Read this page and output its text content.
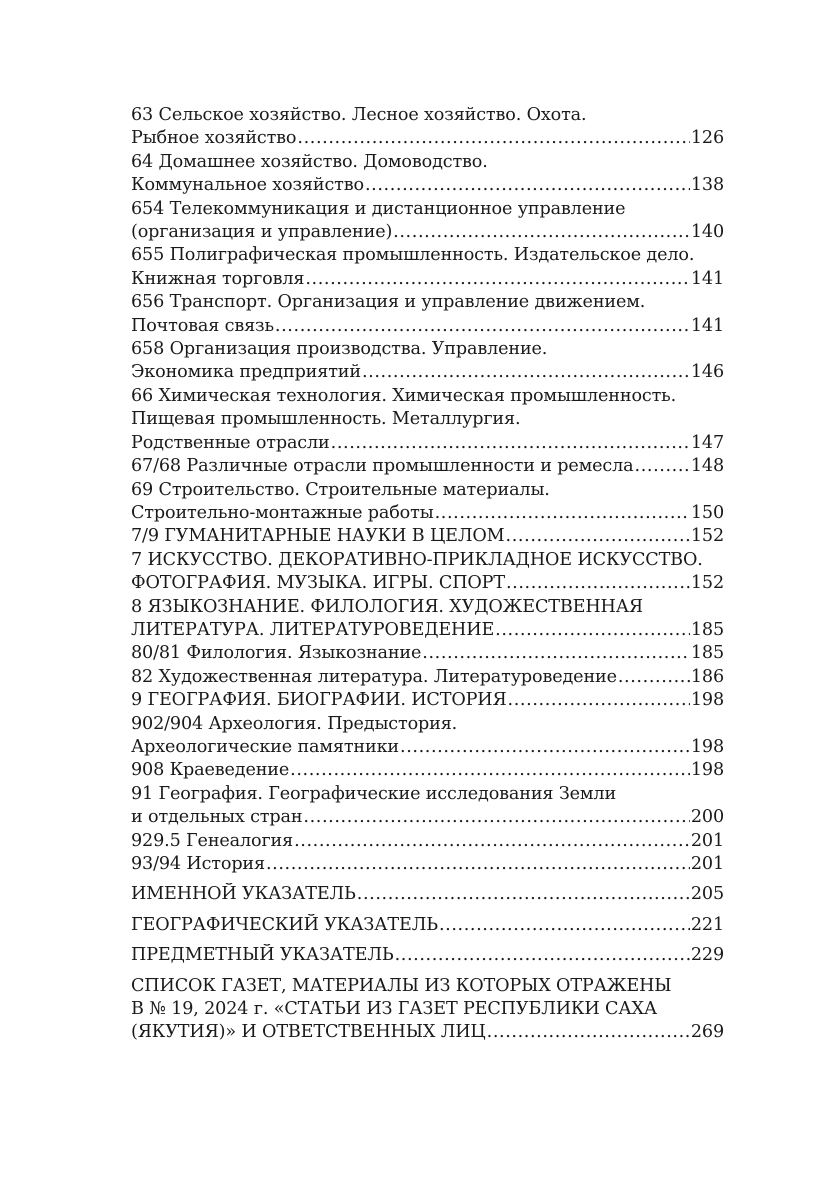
63 Сельское хозяйство. Лесное хозяйство. Охота.
Рыбное хозяйство .....	126
64 Домашнее хозяйство. Домоводство.
Коммунальное хозяйство .....	138
654 Телекоммуникация и дистанционное управление
(организация и управление) .....	140
655 Полиграфическая промышленность. Издательское дело.
Книжная торговля .....	141
656 Транспорт. Организация и управление движением.
Почтовая связь .....	141
658 Организация производства. Управление.
Экономика предприятий .....	146
66 Химическая технология. Химическая промышленность.
Пищевая промышленность. Металлургия.
Родственные отрасли .....	147
67/68 Различные отрасли промышленности и ремесла .....	148
69 Строительство. Строительные материалы.
Строительно-монтажные работы .....	150
7/9 ГУМАНИТАРНЫЕ НАУКИ В ЦЕЛОМ .....	152
7 ИСКУССТВО. ДЕКОРАТИВНО-ПРИКЛАДНОЕ ИСКУССТВО.
ФОТОГРАФИЯ. МУЗЫКА. ИГРЫ. СПОРТ .....	152
8 ЯЗЫКОЗНАНИЕ. ФИЛОЛОГИЯ. ХУДОЖЕСТВЕННАЯ
ЛИТЕРАТУРА. ЛИТЕРАТУРОВЕДЕНИЕ .....	185
80/81 Филология. Языкознание .....	185
82 Художественная литература. Литературоведение .....	186
9 ГЕОГРАФИЯ. БИОГРАФИИ. ИСТОРИЯ .....	198
902/904 Археология. Предыстория.
Археологические памятники .....	198
908 Краеведение .....	198
91 География. Географические исследования Земли
и отдельных стран .....	200
929.5 Генеалогия .....	201
93/94 История .....	201
ИМЕННОЙ УКАЗАТЕЛЬ .....	205
ГЕОГРАФИЧЕСКИЙ УКАЗАТЕЛЬ .....	221
ПРЕДМЕТНЫЙ УКАЗАТЕЛЬ .....	229
СПИСОК ГАЗЕТ, МАТЕРИАЛЫ ИЗ КОТОРЫХ ОТРАЖЕНЫ
В № 19, 2024 г. «СТАТЬИ ИЗ ГАЗЕТ РЕСПУБЛИКИ САХА
(ЯКУТИЯ)» И ОТВЕТСТВЕННЫХ ЛИЦ .....	269
